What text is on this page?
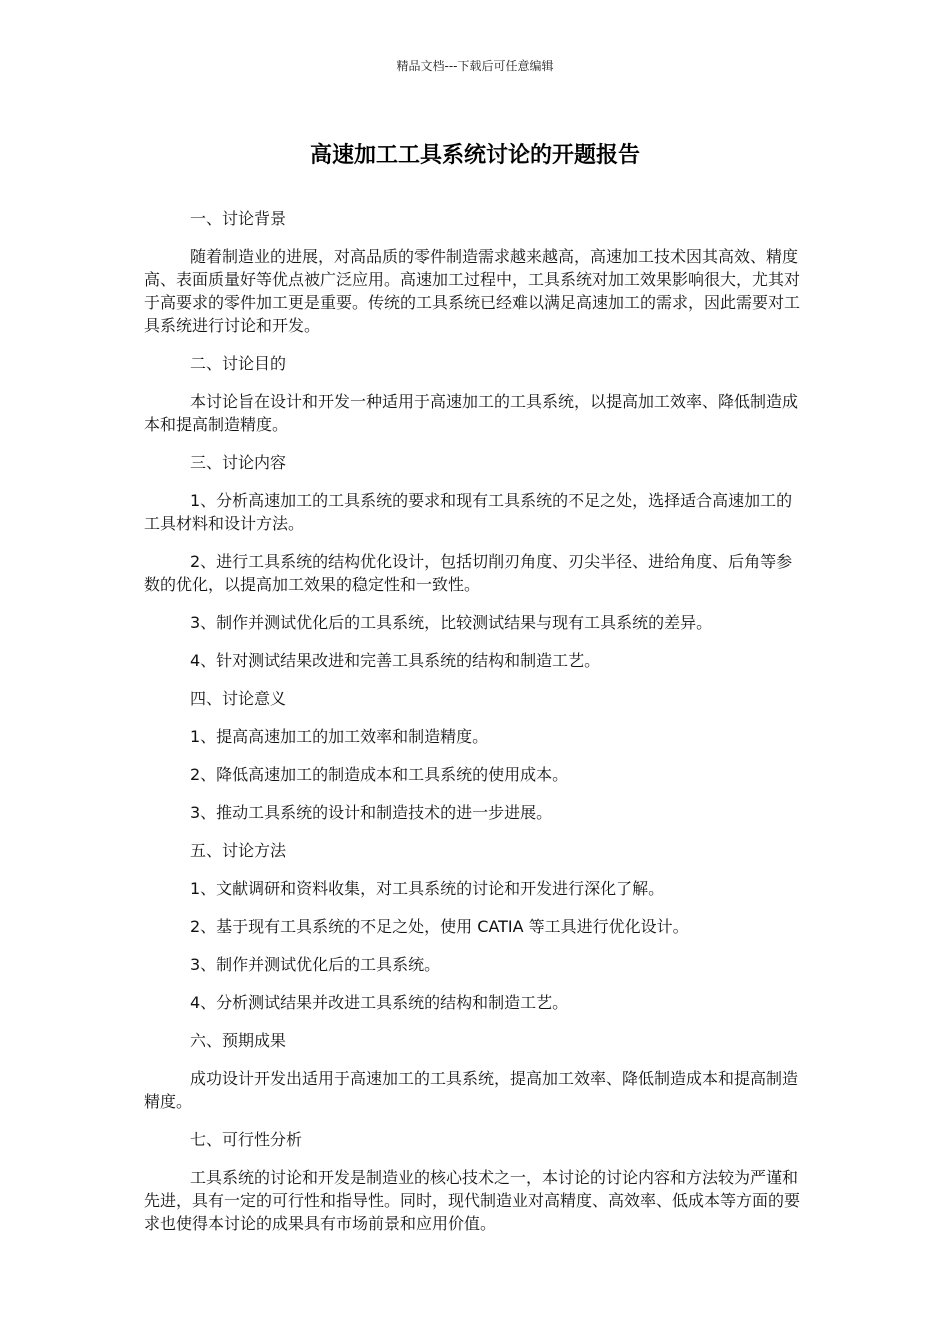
精品文档---下载后可任意编辑
高速加工工具系统讨论的开题报告

一、讨论背景

随着制造业的进展，对高品质的零件制造需求越来越高，高速加工技术因其高效、精度高、表面质量好等优点被广泛应用。高速加工过程中，工具系统对加工效果影响很大，尤其对于高要求的零件加工更是重要。传统的工具系统已经难以满足高速加工的需求，因此需要对工具系统进行讨论和开发。

二、讨论目的

本讨论旨在设计和开发一种适用于高速加工的工具系统，以提高加工效率、降低制造成本和提高制造精度。

三、讨论内容

1、分析高速加工的工具系统的要求和现有工具系统的不足之处，选择适合高速加工的工具材料和设计方法。

2、进行工具系统的结构优化设计，包括切削刃角度、刃尖半径、进给角度、后角等参数的优化，以提高加工效果的稳定性和一致性。

3、制作并测试优化后的工具系统，比较测试结果与现有工具系统的差异。

4、针对测试结果改进和完善工具系统的结构和制造工艺。

四、讨论意义

1、提高高速加工的加工效率和制造精度。

2、降低高速加工的制造成本和工具系统的使用成本。

3、推动工具系统的设计和制造技术的进一步进展。

五、讨论方法

1、文献调研和资料收集，对工具系统的讨论和开发进行深化了解。

2、基于现有工具系统的不足之处，使用 CATIA 等工具进行优化设计。

3、制作并测试优化后的工具系统。

4、分析测试结果并改进工具系统的结构和制造工艺。

六、预期成果

成功设计开发出适用于高速加工的工具系统，提高加工效率、降低制造成本和提高制造精度。

七、可行性分析

工具系统的讨论和开发是制造业的核心技术之一，本讨论的讨论内容和方法较为严谨和先进，具有一定的可行性和指导性。同时，现代制造业对高精度、高效率、低成本等方面的要求也使得本讨论的成果具有市场前景和应用价值。
